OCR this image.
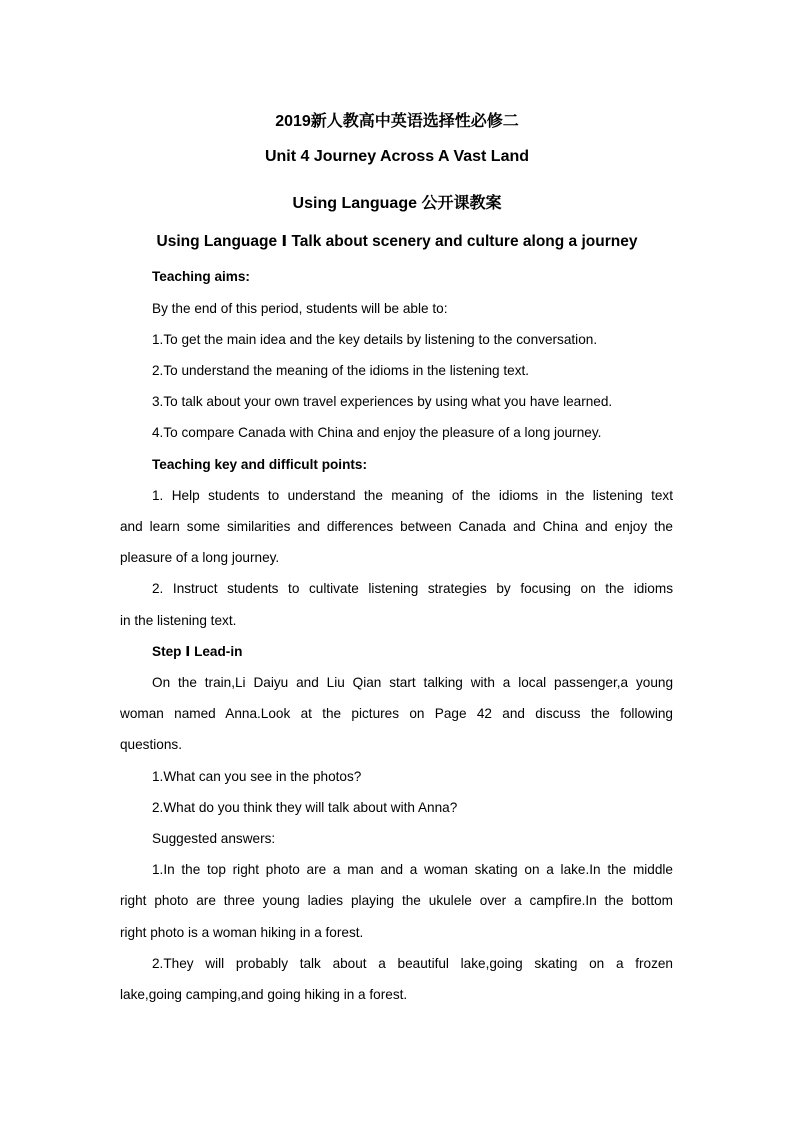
2019新人教高中英语选择性必修二
Unit 4 Journey Across A Vast Land
Using Language 公开课教案
Using Language Ⅰ Talk about scenery and culture along a journey
Teaching aims:
By the end of this period, students will be able to:
1.To get the main idea and the key details by listening to the conversation.
2.To understand the meaning of the idioms in the listening text.
3.To talk about your own travel experiences by using what you have learned.
4.To compare Canada with China and enjoy the pleasure of a long journey.
Teaching key and difficult points:
1. Help students to understand the meaning of the idioms in the listening text
and learn some similarities and differences between Canada and China and enjoy the
pleasure of a long journey.
2. Instruct students to cultivate listening strategies by focusing on the idioms
in the listening text.
Step Ⅰ Lead-in
On the train,Li Daiyu and Liu Qian start talking with a local passenger,a young
woman named Anna.Look at the pictures on Page 42 and discuss the following
questions.
1.What can you see in the photos?
2.What do you think they will talk about with Anna?
Suggested answers:
1.In the top right photo are a man and a woman skating on a lake.In the middle
right photo are three young ladies playing the ukulele over a campfire.In the bottom
right photo is a woman hiking in a forest.
2.They will probably talk about a beautiful lake,going skating on a frozen
lake,going camping,and going hiking in a forest.
